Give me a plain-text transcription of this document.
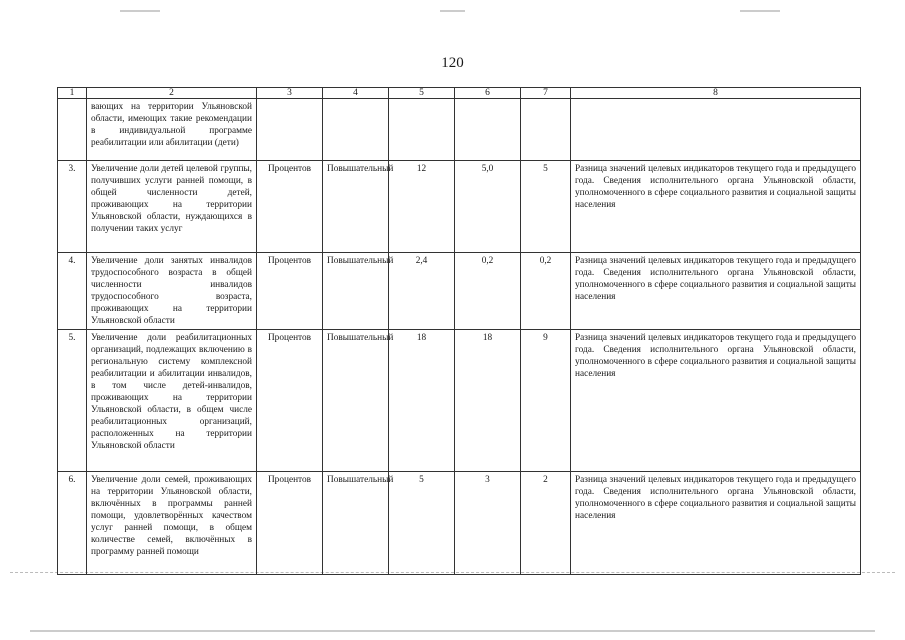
120
1	2	3	4	5	6	7	8
	вающих на территории Ульяновской области, имеющих такие рекомендации в индивидуальной программе реабилитации или абилитации (дети)						
3.	Увеличение доли детей целевой группы, получивших услуги ранней помощи, в общей численности детей, проживающих на территории Ульяновской области, нуждающихся в получении таких услуг	Процентов	Повышательный	12	5,0	5	Разница значений целевых индикаторов текущего года и предыдущего года. Сведения исполнительного органа Ульяновской области, уполномоченного в сфере социального развития и социальной защиты населения
4.	Увеличение доли занятых инвалидов трудоспособного возраста в общей численности инвалидов трудоспособного возраста, проживающих на территории Ульяновской области	Процентов	Повышательный	2,4	0,2	0,2	Разница значений целевых индикаторов текущего года и предыдущего года. Сведения исполнительного органа Ульяновской области, уполномоченного в сфере социального развития и социальной защиты населения
5.	Увеличение доли реабилитационных организаций, подлежащих включению в региональную систему комплексной реабилитации и абилитации инвалидов, в том числе детей-инвалидов, проживающих на территории Ульяновской области, в общем числе реабилитационных организаций, расположенных на территории Ульяновской области	Процентов	Повышательный	18	18	9	Разница значений целевых индикаторов текущего года и предыдущего года. Сведения исполнительного органа Ульяновской области, уполномоченного в сфере социального развития и социальной защиты населения
6.	Увеличение доли семей, проживающих на территории Ульяновской области, включённых в программы ранней помощи, удовлетворённых качеством услуг ранней помощи, в общем количестве семей, включённых в программу ранней помощи	Процентов	Повышательный	5	3	2	Разница значений целевых индикаторов текущего года и предыдущего года. Сведения исполнительного органа Ульяновской области, уполномоченного в сфере социального развития и социальной защиты населения
